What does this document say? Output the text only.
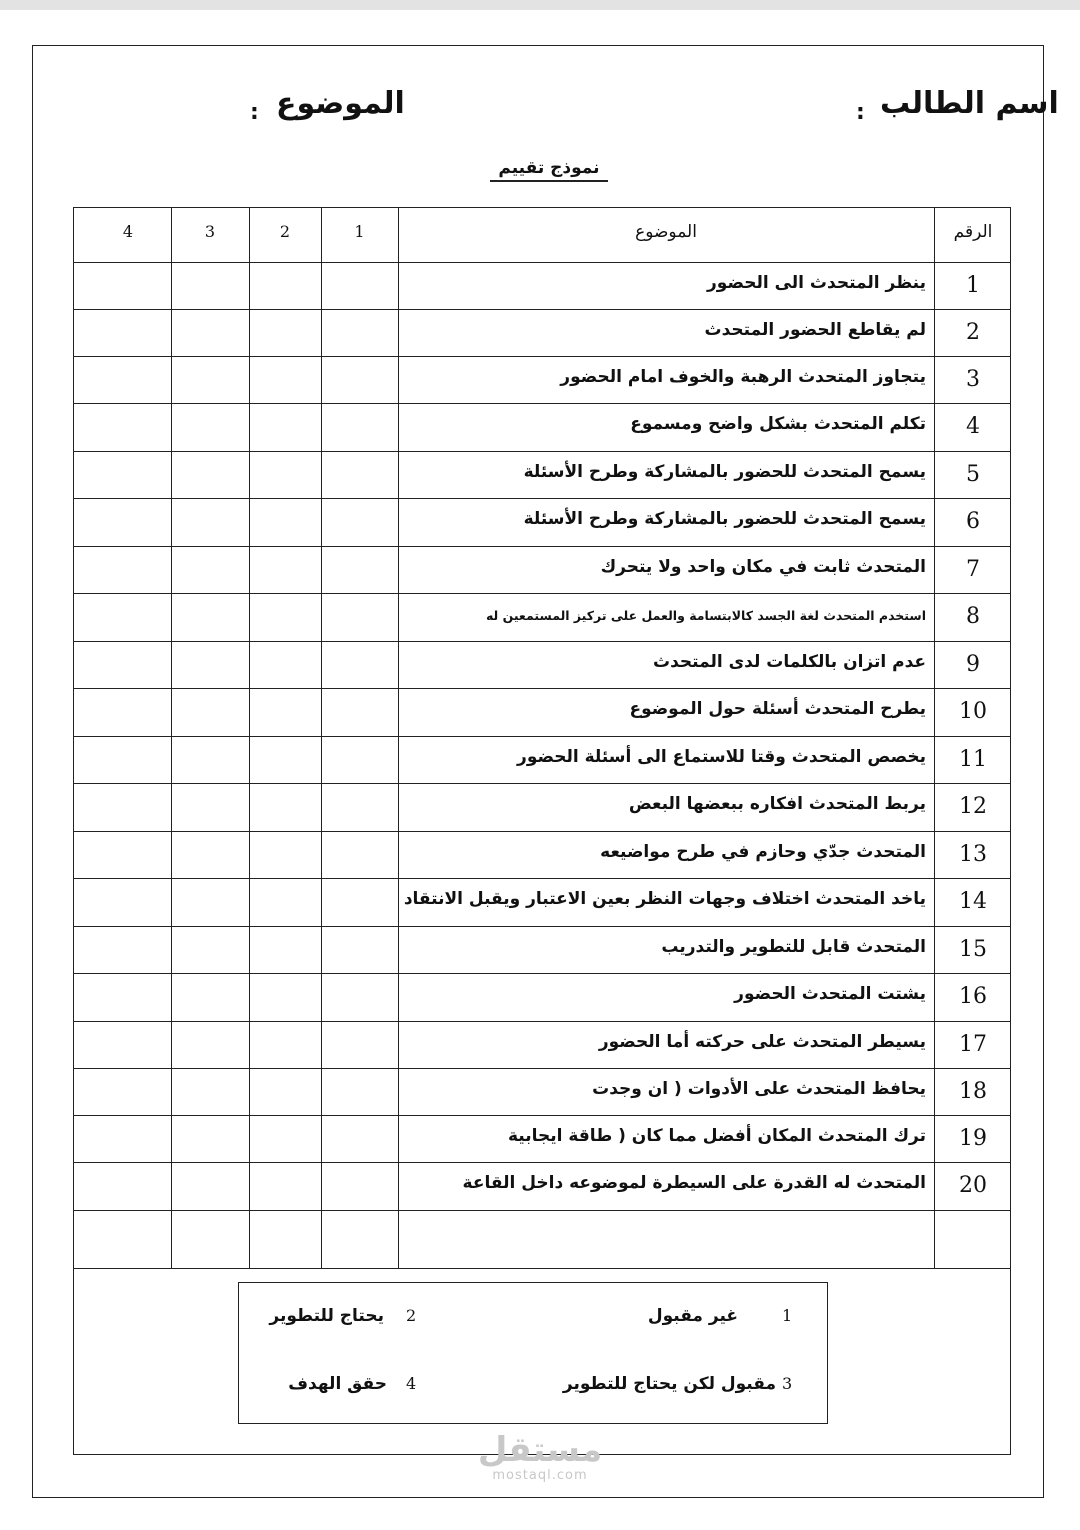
اسم الطالب
:
الموضوع
:
نموذج تقييم
الرقم
الموضوع
1
2
3
4
1
ينظر المتحدث الى الحضور
2
لم يقاطع الحضور المتحدث
3
يتجاوز المتحدث الرهبة والخوف امام الحضور
4
تكلم المتحدث بشكل واضح ومسموع
5
يسمح المتحدث للحضور بالمشاركة وطرح الأسئلة
6
يسمح المتحدث للحضور بالمشاركة وطرح الأسئلة
7
المتحدث ثابت في مكان واحد ولا يتحرك
8
استخدم المتحدث لغة الجسد كالابتسامة والعمل على تركيز المستمعين له
9
عدم اتزان بالكلمات لدى المتحدث
10
يطرح المتحدث أسئلة حول الموضوع
11
يخصص المتحدث وقتا للاستماع الى أسئلة الحضور
12
يربط المتحدث افكاره ببعضها البعض
13
المتحدث جدّي وحازم في طرح مواضيعه
14
ياخد المتحدث اختلاف وجهات النظر بعين الاعتبار ويقبل الانتقاد
15
المتحدث قابل للتطوير والتدريب
16
يشتت المتحدث الحضور
17
يسيطر المتحدث على حركته أما الحضور
18
يحافظ المتحدث على الأدوات ( ان وجدت
19
ترك المتحدث المكان أفضل مما كان ( طاقة ايجابية
20
المتحدث له القدرة على السيطرة لموضوعه داخل القاعة
1
غير مقبول
2
يحتاج للتطوير
3
مقبول لكن يحتاج للتطوير
4
حقق الهدف
مستقل
mostaql.com
